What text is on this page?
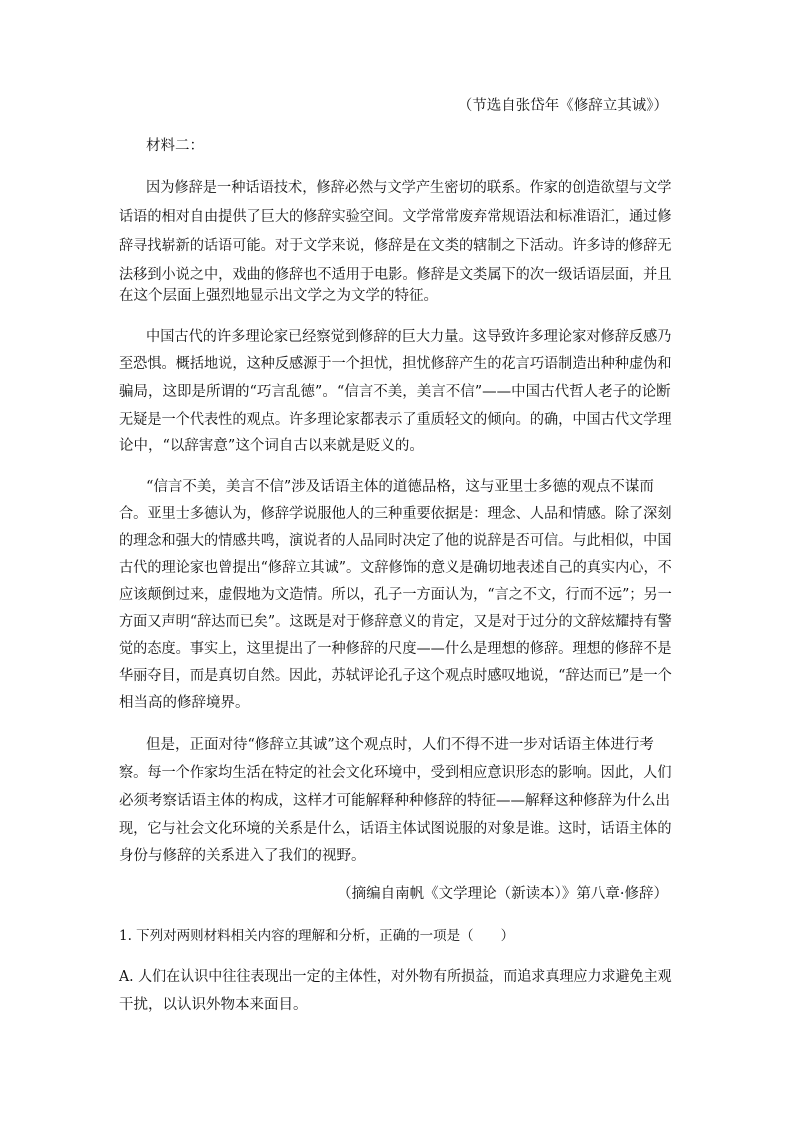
（节选自张岱年《修辞立其诚》）
材料二：
因为修辞是一种话语技术，修辞必然与文学产生密切的联系。作家的创造欲望与文学
话语的相对自由提供了巨大的修辞实验空间。文学常常废弃常规语法和标准语汇，通过修
辞寻找崭新的话语可能。对于文学来说，修辞是在文类的辖制之下活动。许多诗的修辞无
法移到小说之中，戏曲的修辞也不适用于电影。修辞是文类属下的次一级话语层面，并且
在这个层面上强烈地显示出文学之为文学的特征。
中国古代的许多理论家已经察觉到修辞的巨大力量。这导致许多理论家对修辞反感乃
至恐惧。概括地说，这种反感源于一个担忧，担忧修辞产生的花言巧语制造出种种虚伪和
骗局，这即是所谓的“巧言乱德”。“信言不美，美言不信”——中国古代哲人老子的论断
无疑是一个代表性的观点。许多理论家都表示了重质轻文的倾向。的确，中国古代文学理
论中，“以辞害意”这个词自古以来就是贬义的。
“信言不美，美言不信”涉及话语主体的道德品格，这与亚里士多德的观点不谋而
合。亚里士多德认为，修辞学说服他人的三种重要依据是：理念、人品和情感。除了深刻
的理念和强大的情感共鸣，演说者的人品同时决定了他的说辞是否可信。与此相似，中国
古代的理论家也曾提出“修辞立其诚”。文辞修饰的意义是确切地表述自己的真实内心，不
应该颠倒过来，虚假地为文造情。所以，孔子一方面认为，“言之不文，行而不远”；另一
方面又声明“辞达而已矣”。这既是对于修辞意义的肯定，又是对于过分的文辞炫耀持有警
觉的态度。事实上，这里提出了一种修辞的尺度——什么是理想的修辞。理想的修辞不是
华丽夺目，而是真切自然。因此，苏轼评论孔子这个观点时感叹地说，“辞达而已”是一个
相当高的修辞境界。
但是，正面对待“修辞立其诚”这个观点时，人们不得不进一步对话语主体进行考
察。每一个作家均生活在特定的社会文化环境中，受到相应意识形态的影响。因此，人们
必须考察话语主体的构成，这样才可能解释种种修辞的特征——解释这种修辞为什么出
现，它与社会文化环境的关系是什么，话语主体试图说服的对象是谁。这时，话语主体的
身份与修辞的关系进入了我们的视野。
（摘编自南帆《文学理论（新读本）》第八章·修辞）
1. 下列对两则材料相关内容的理解和分析，正确的一项是（　　）
A. 人们在认识中往往表现出一定的主体性，对外物有所损益，而追求真理应力求避免主观
干扰，以认识外物本来面目。
